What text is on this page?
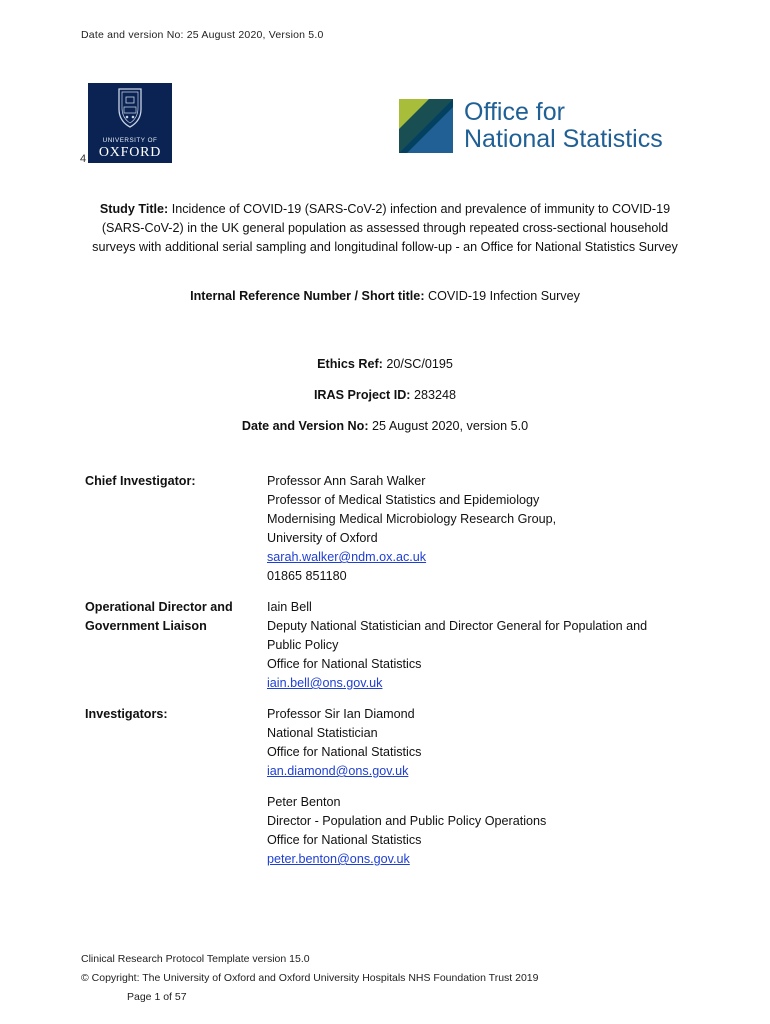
Date and version No: 25 August 2020, Version 5.0
UNIVERSITY OF
OXFORD
4
Office for
National Statistics
Study Title: Incidence of COVID-19 (SARS-CoV-2) infection and prevalence of immunity to COVID-19 (SARS-CoV-2) in the UK general population as assessed through repeated cross-sectional household surveys with additional serial sampling and longitudinal follow-up - an Office for National Statistics Survey
Internal Reference Number / Short title: COVID-19 Infection Survey
Ethics Ref: 20/SC/0195
IRAS Project ID: 283248
Date and Version No: 25 August 2020, version 5.0
Chief Investigator:	Professor Ann Sarah Walker
Professor of Medical Statistics and Epidemiology
Modernising Medical Microbiology Research Group,
University of Oxford
sarah.walker@ndm.ox.ac.uk
01865 851180
Operational Director and
Government Liaison
Iain Bell
Deputy National Statistician and Director General for Population and
Public Policy
Office for National Statistics
iain.bell@ons.gov.uk
Investigators:	Professor Sir Ian Diamond
National Statistician
Office for National Statistics
ian.diamond@ons.gov.uk
Peter Benton
Director - Population and Public Policy Operations
Office for National Statistics
peter.benton@ons.gov.uk
Clinical Research Protocol Template version 15.0
© Copyright: The University of Oxford and Oxford University Hospitals NHS Foundation Trust 2019
Page 1 of 57
